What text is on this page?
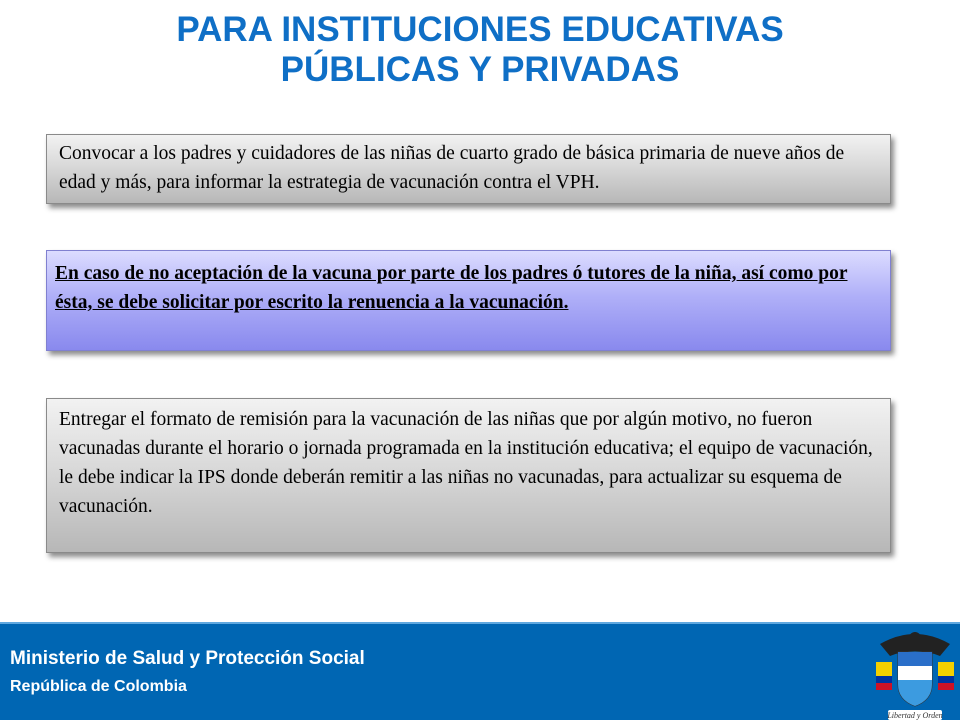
PARA INSTITUCIONES EDUCATIVAS
PÚBLICAS Y PRIVADAS
Convocar a los padres y cuidadores de las niñas de cuarto grado de básica primaria de nueve años de edad y más, para informar la estrategia de vacunación contra el VPH.
En caso de no aceptación de la vacuna por parte de los padres ó tutores de la niña, así como por ésta, se debe solicitar por escrito la renuencia a la vacunación.
Entregar el formato de remisión para la vacunación de las niñas que por algún motivo, no fueron vacunadas durante el horario o jornada programada en la institución educativa; el equipo de vacunación, le debe indicar la IPS donde deberán remitir a las niñas no vacunadas, para actualizar su esquema de vacunación.
Ministerio de Salud y Protección Social
República de Colombia
Libertad y Orden
